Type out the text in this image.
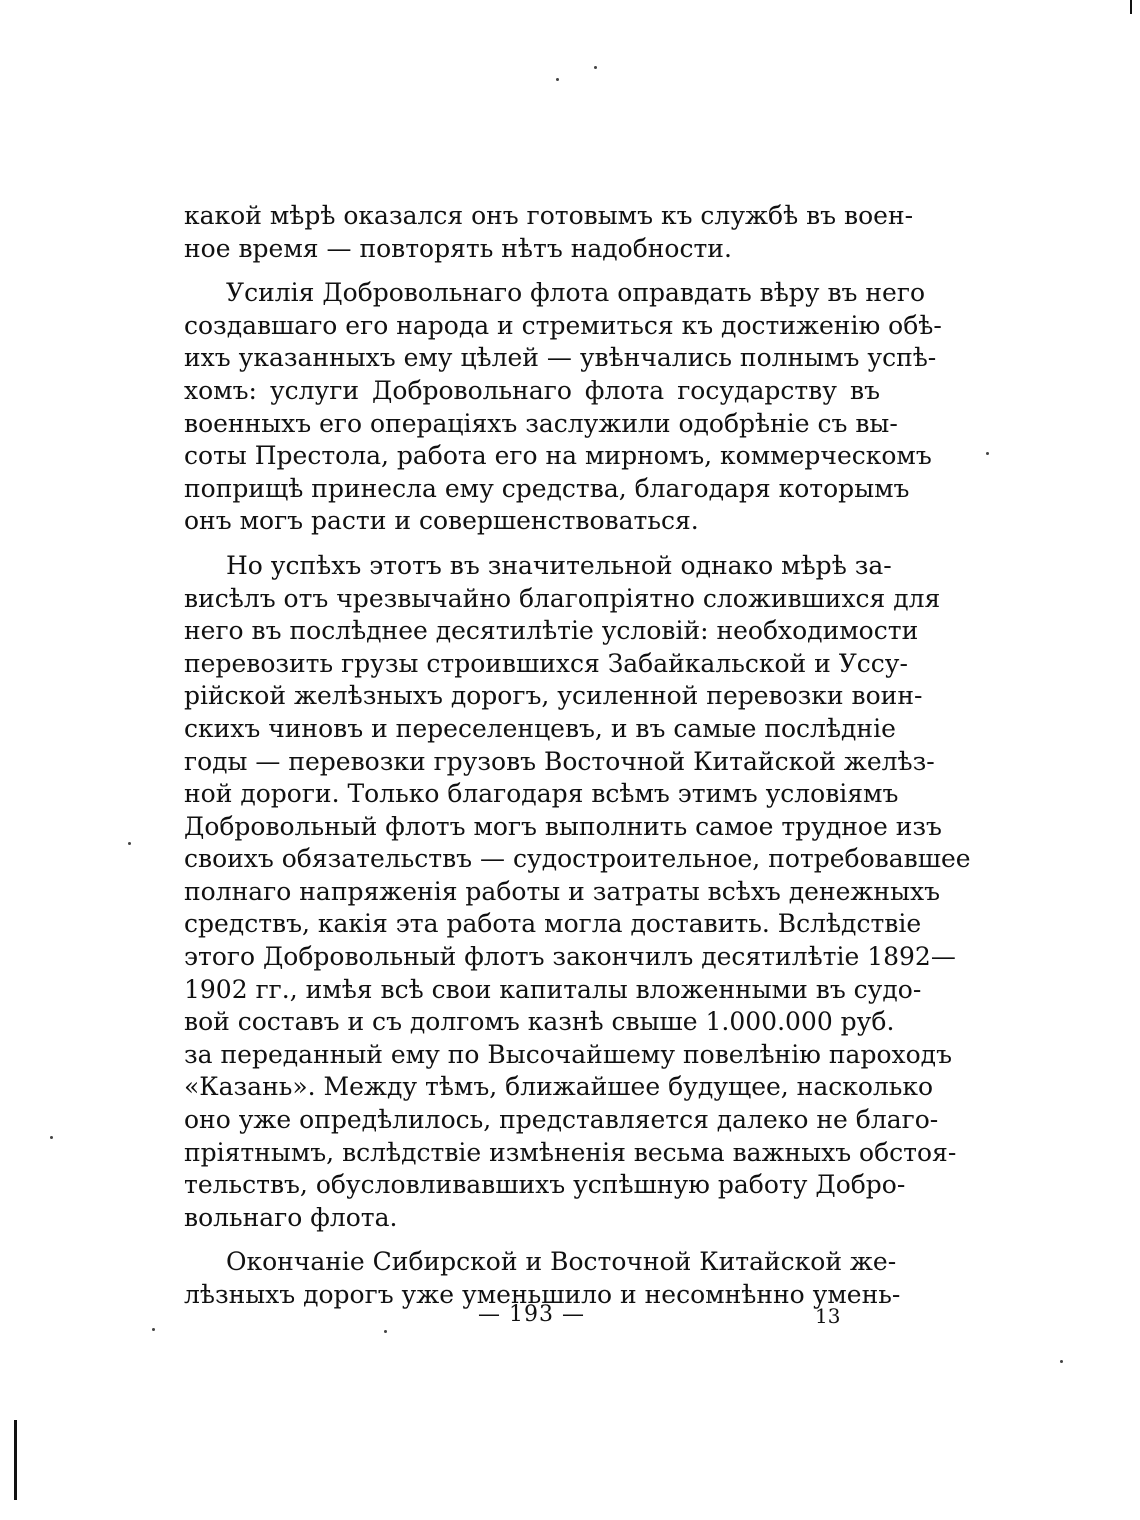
какой мѣрѣ оказался онъ готовымъ къ службѣ въ воен-
ное время — повторять нѣтъ надобности.
Усилія Добровольнаго флота оправдать вѣру въ него
создавшаго его народа и стремиться къ достиженію обѣ-
ихъ указанныхъ ему цѣлей — увѣнчались полнымъ успѣ-
хомъ: услуги Добровольнаго флота государству въ
военныхъ его операціяхъ заслужили одобрѣніе съ вы-
соты Престола, работа его на мирномъ, коммерческомъ
поприщѣ принесла ему средства, благодаря которымъ
онъ могъ расти и совершенствоваться.
Но успѣхъ этотъ въ значительной однако мѣрѣ за-
висѣлъ отъ чрезвычайно благопріятно сложившихся для
него въ послѣднее десятилѣтіе условій: необходимости
перевозить грузы строившихся Забайкальской и Уссу-
рійской желѣзныхъ дорогъ, усиленной перевозки воин-
скихъ чиновъ и переселенцевъ, и въ самые послѣдніе
годы — перевозки грузовъ Восточной Китайской желѣз-
ной дороги. Только благодаря всѣмъ этимъ условіямъ
Добровольный флотъ могъ выполнить самое трудное изъ
своихъ обязательствъ — судостроительное, потребовавшее
полнаго напряженія работы и затраты всѣхъ денежныхъ
средствъ, какія эта работа могла доставить. Вслѣдствіе
этого Добровольный флотъ закончилъ десятилѣтіе 1892—
1902 гг., имѣя всѣ свои капиталы вложенными въ судо-
вой составъ и съ долгомъ казнѣ свыше 1.000.000 руб.
за переданный ему по Высочайшему повелѣнію пароходъ
«Казань». Между тѣмъ, ближайшее будущее, насколько
оно уже опредѣлилось, представляется далеко не благо-
пріятнымъ, вслѣдствіе измѣненія весьма важныхъ обстоя-
тельствъ, обусловливавшихъ успѣшную работу Добро-
вольнаго флота.
Окончаніе Сибирской и Восточной Китайской же-
лѣзныхъ дорогъ уже уменьшило и несомнѣнно умень-
— 193 —	13
